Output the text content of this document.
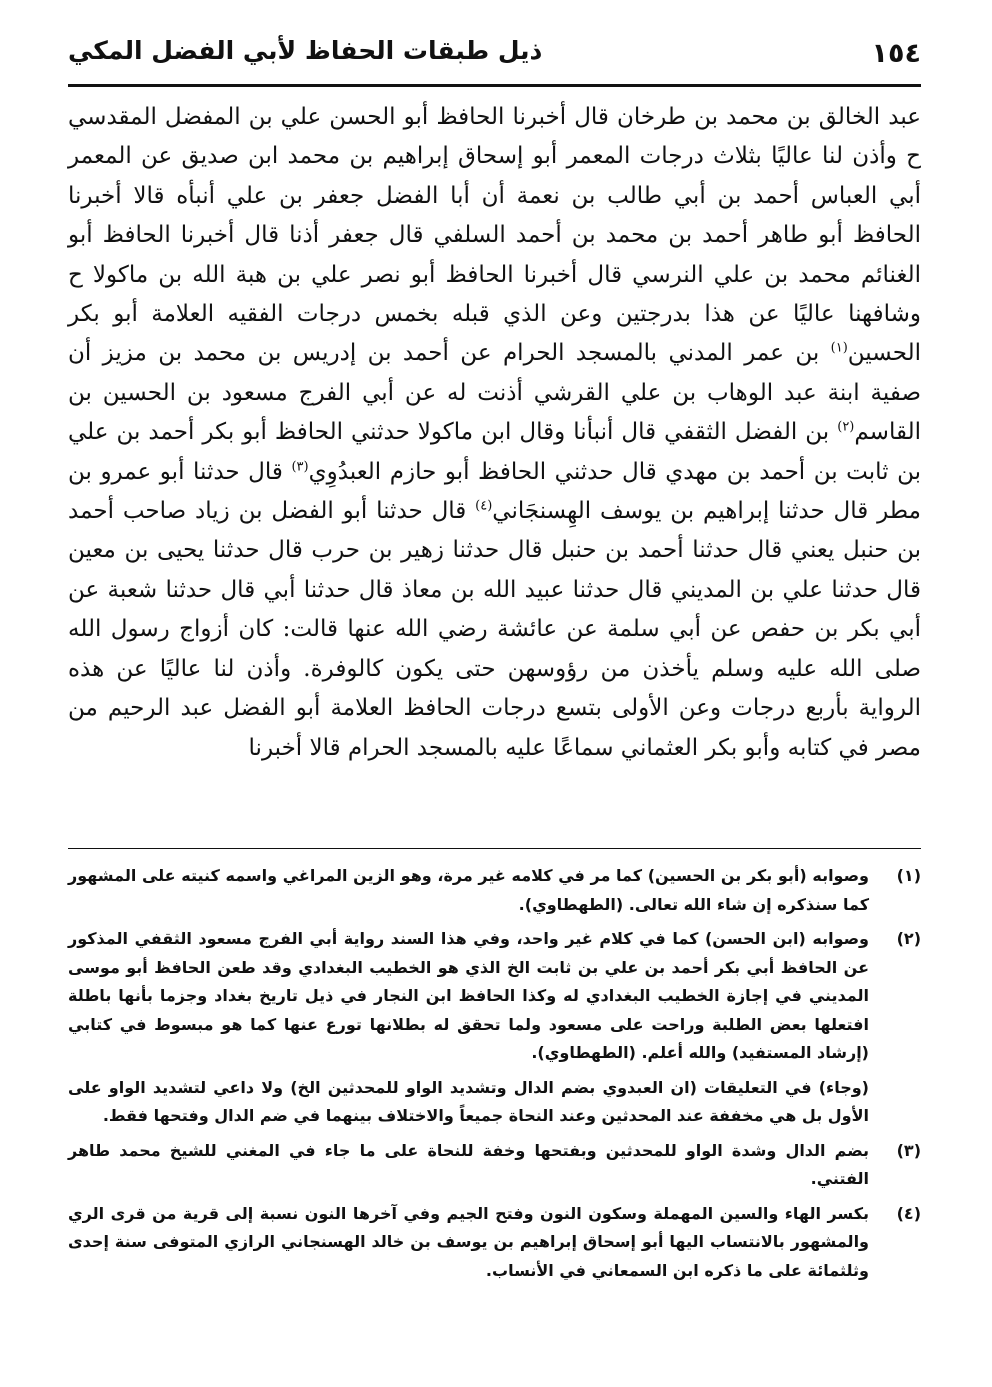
١٥٤
ذيل طبقات الحفاظ لأبي الفضل المكي

عبد الخالق بن محمد بن طرخان قال أخبرنا الحافظ أبو الحسن علي بن المفضل المقدسي ح وأذن لنا عاليًا بثلاث درجات المعمر أبو إسحاق إبراهيم بن محمد ابن صديق عن المعمر أبي العباس أحمد بن أبي طالب بن نعمة أن أبا الفضل جعفر بن علي أنبأه قالا أخبرنا الحافظ أبو طاهر أحمد بن محمد بن أحمد السلفي قال جعفر أذنا قال أخبرنا الحافظ أبو الغنائم محمد بن علي النرسي قال أخبرنا الحافظ أبو نصر علي بن هبة الله بن ماكولا ح وشافهنا عاليًا عن هذا بدرجتين وعن الذي قبله بخمس درجات الفقيه العلامة أبو بكر الحسين$^{(١)}$ بن عمر المدني بالمسجد الحرام عن أحمد بن إدريس بن محمد بن مزيز أن صفية ابنة عبد الوهاب بن علي القرشي أذنت له عن أبي الفرج مسعود بن الحسين بن القاسم$^{(٢)}$ بن الفضل الثقفي قال أنبأنا وقال ابن ماكولا حدثني الحافظ أبو بكر أحمد بن علي بن ثابت بن أحمد بن مهدي قال حدثني الحافظ أبو حازم العبدُوِي$^{(٣)}$ قال حدثنا أبو عمرو بن مطر قال حدثنا إبراهيم بن يوسف الهِسنجَاني$^{(٤)}$ قال حدثنا أبو الفضل بن زياد صاحب أحمد بن حنبل يعني قال حدثنا أحمد بن حنبل قال حدثنا زهير بن حرب قال حدثنا يحيى بن معين قال حدثنا علي بن المديني قال حدثنا عبيد الله بن معاذ قال حدثنا أبي قال حدثنا شعبة عن أبي بكر بن حفص عن أبي سلمة عن عائشة رضي الله عنها قالت: كان أزواج رسول الله صلى الله عليه وسلم يأخذن من رؤوسهن حتى يكون كالوفرة. وأذن لنا عاليًا عن هذه الرواية بأربع درجات وعن الأولى بتسع درجات الحافظ العلامة أبو الفضل عبد الرحيم من مصر في كتابه وأبو بكر العثماني سماعًا عليه بالمسجد الحرام قالا أخبرنا

(١)

وصوابه (أبو بكر بن الحسين) كما مر في كلامه غير مرة، وهو الزين المراغي واسمه كنيته على المشهور كما سنذكره إن شاء الله تعالى. (الطهطاوي).

(٢)

وصوابه (ابن الحسن) كما في كلام غير واحد، وفي هذا السند رواية أبي الفرج مسعود الثقفي المذكور عن الحافظ أبي بكر أحمد بن علي بن ثابت الخ الذي هو الخطيب البغدادي وقد طعن الحافظ أبو موسى المديني في إجازة الخطيب البغدادي له وكذا الحافظ ابن النجار في ذيل تاريخ بغداد وجزما بأنها باطلة افتعلها بعض الطلبة وراحت على مسعود ولما تحقق له بطلانها تورع عنها كما هو مبسوط في كتابي (إرشاد المستفيد) والله أعلم. (الطهطاوي).

(وجاء) في التعليقات (ان العبدوي بضم الدال وتشديد الواو للمحدثين الخ) ولا داعي لتشديد الواو على الأول بل هي مخففة عند المحدثين وعند النحاة جميعاً والاختلاف بينهما في ضم الدال وفتحها فقط.

(٣)

بضم الدال وشدة الواو للمحدثين وبفتحها وخفة للنحاة على ما جاء في المغني للشيخ محمد طاهر الفتني.

(٤)

بكسر الهاء والسين المهملة وسكون النون وفتح الجيم وفي آخرها النون نسبة إلى قرية من قرى الري والمشهور بالانتساب اليها أبو إسحاق إبراهيم بن يوسف بن خالد الهسنجاني الرازي المتوفى سنة إحدى وثلثمائة على ما ذكره ابن السمعاني في الأنساب.
